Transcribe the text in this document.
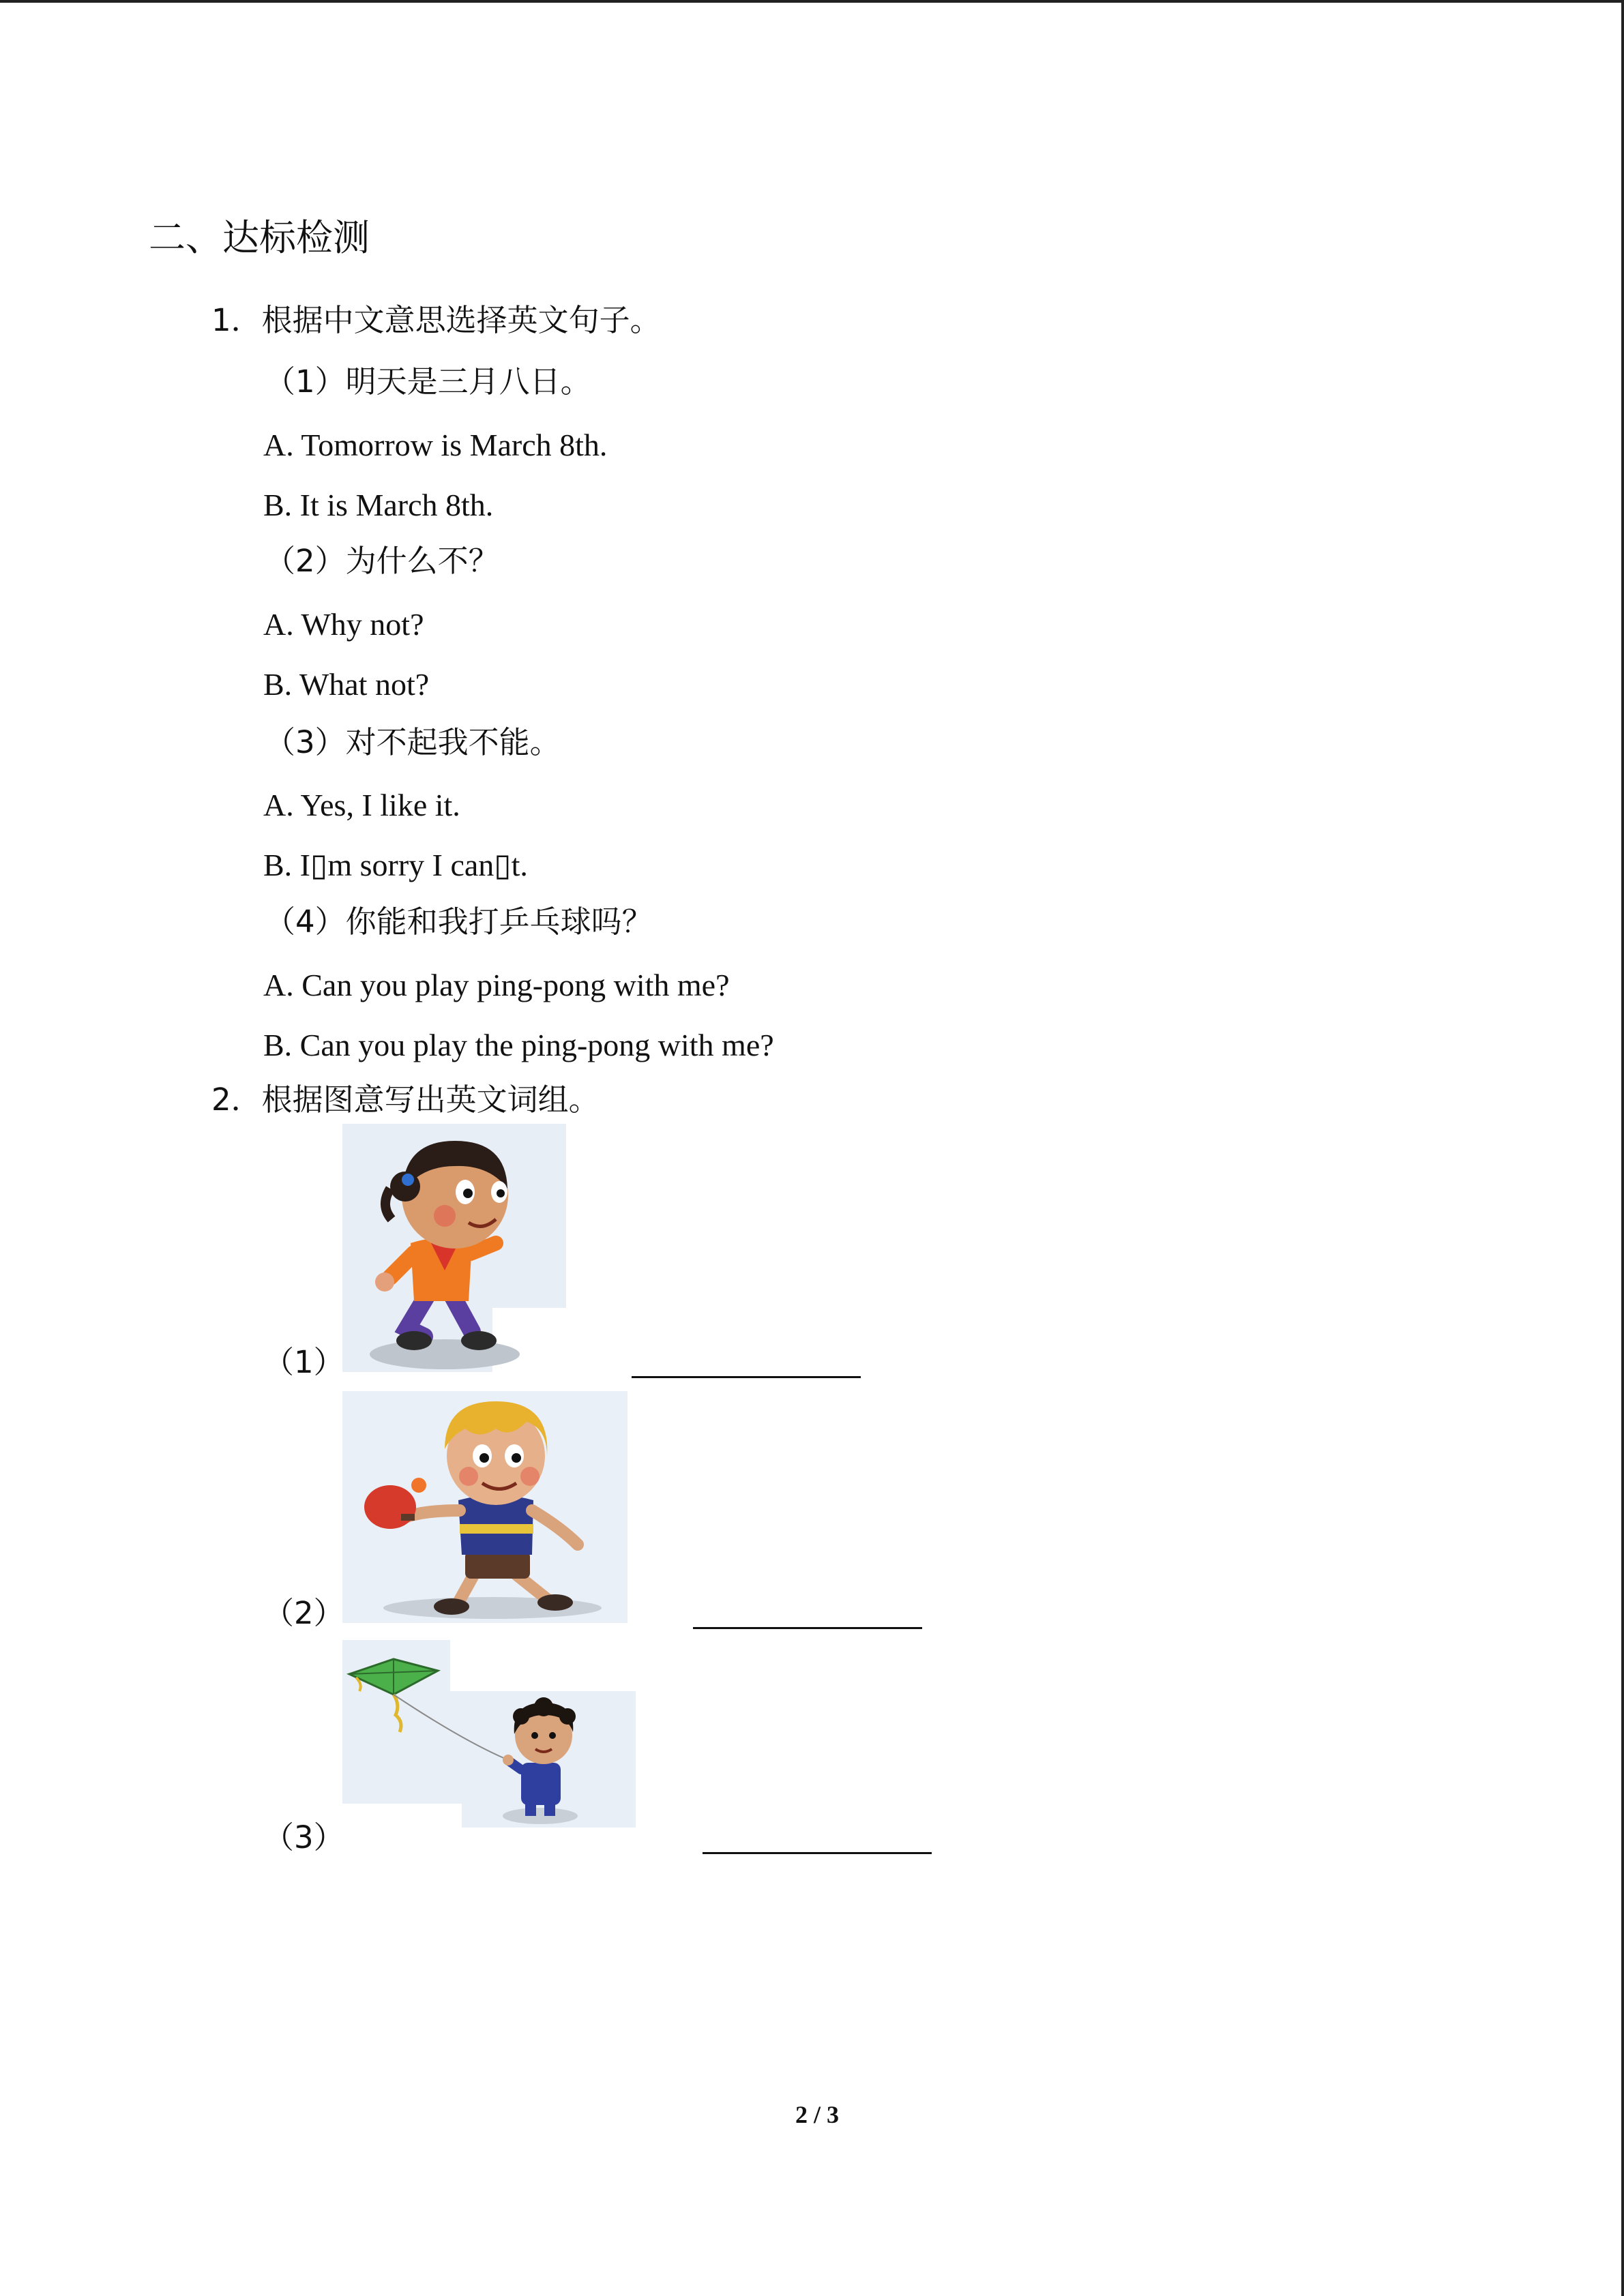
二、达标检测
1．根据中文意思选择英文句子。
（1）明天是三月八日。
A. Tomorrow is March 8th.
B. It is March 8th.
（2）为什么不？
A. Why not?
B. What not?
（3）对不起我不能。
A. Yes, I like it.
B. I▯m sorry I can▯t.
（4）你能和我打乒乓球吗？
A. Can you play ping-pong with me?
B. Can you play the ping-pong with me?
2．根据图意写出英文词组。
（1）
（2）
（3）
2 / 3
